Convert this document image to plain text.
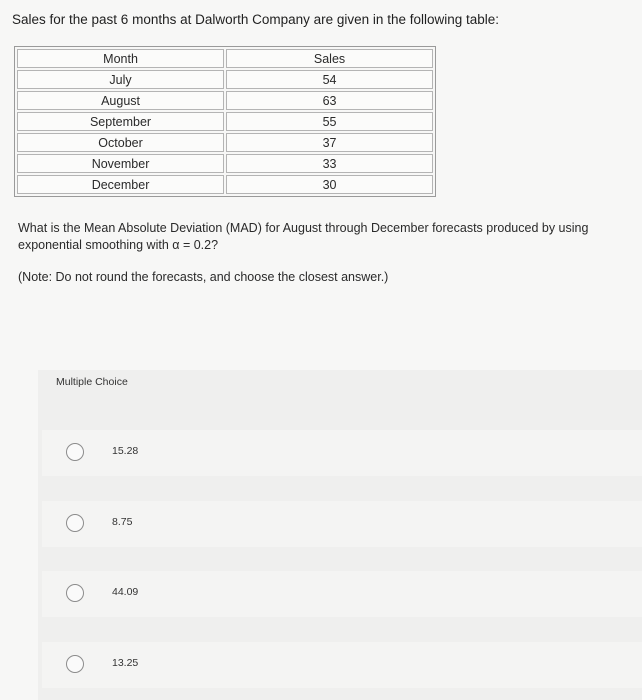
Sales for the past 6 months at Dalworth Company are given in the following table:
Month	Sales
July	54
August	63
September	55
October	37
November	33
December	30
What is the Mean Absolute Deviation (MAD) for August through December forecasts produced by using exponential smoothing with α = 0.2?
(Note: Do not round the forecasts, and choose the closest answer.)
Multiple Choice
15.28
8.75
44.09
13.25
